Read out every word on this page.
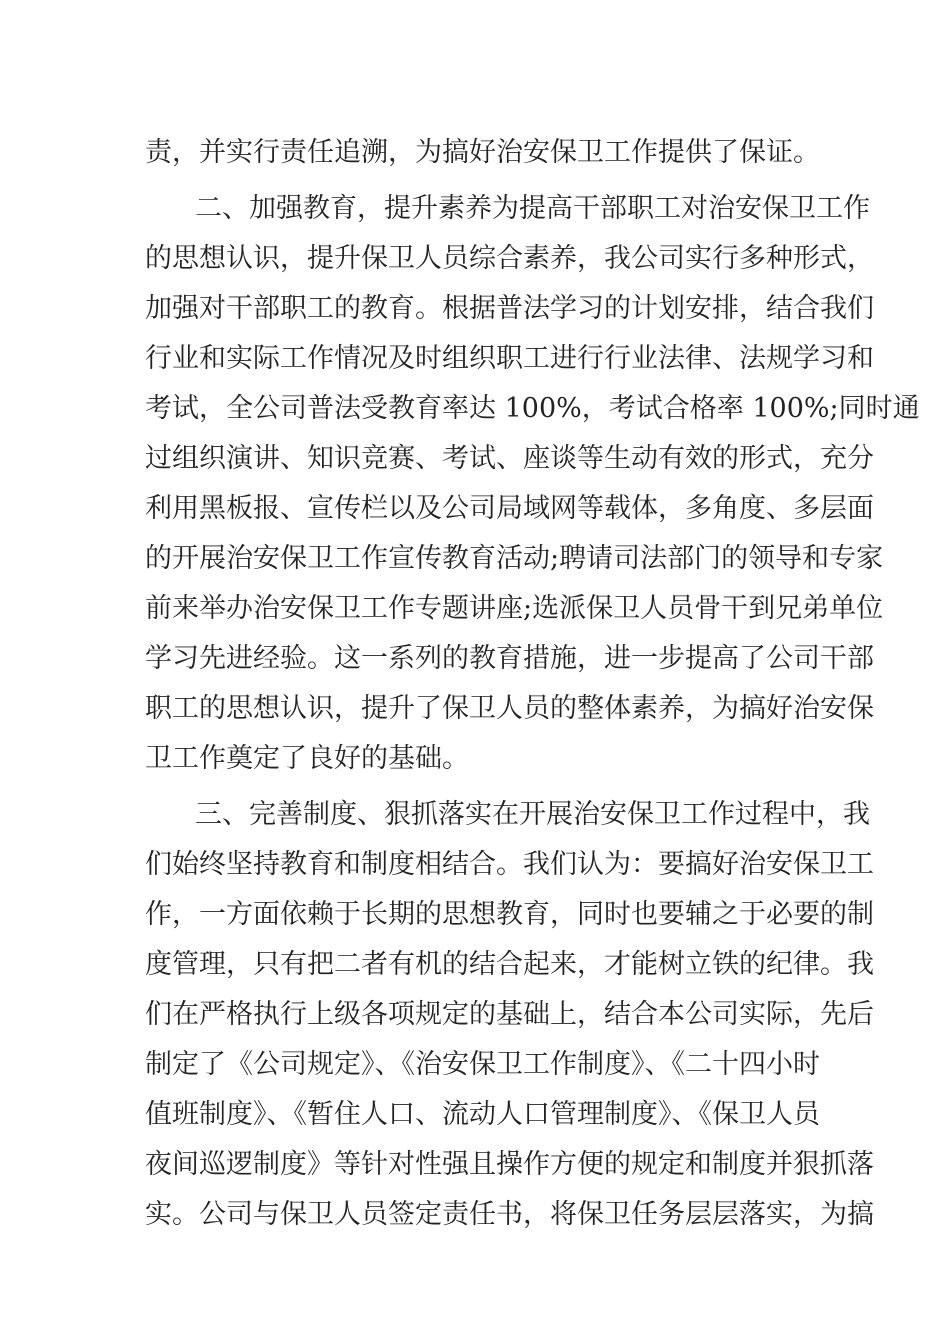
责，并实行责任追溯，为搞好治安保卫工作提供了保证。
二、加强教育，提升素养为提高干部职工对治安保卫工作
的思想认识，提升保卫人员综合素养，我公司实行多种形式，
加强对干部职工的教育。根据普法学习的计划安排，结合我们
行业和实际工作情况及时组织职工进行行业法律、法规学习和
考试，全公司普法受教育率达 100%，考试合格率 100%;同时通
过组织演讲、知识竞赛、考试、座谈等生动有效的形式，充分
利用黑板报、宣传栏以及公司局域网等载体，多角度、多层面
的开展治安保卫工作宣传教育活动;聘请司法部门的领导和专家
前来举办治安保卫工作专题讲座;选派保卫人员骨干到兄弟单位
学习先进经验。这一系列的教育措施，进一步提高了公司干部
职工的思想认识，提升了保卫人员的整体素养，为搞好治安保
卫工作奠定了良好的基础。
三、完善制度、狠抓落实在开展治安保卫工作过程中，我
们始终坚持教育和制度相结合。我们认为：要搞好治安保卫工
作，一方面依赖于长期的思想教育，同时也要辅之于必要的制
度管理，只有把二者有机的结合起来，才能树立铁的纪律。我
们在严格执行上级各项规定的基础上，结合本公司实际，先后
制定了《公司规定》、《治安保卫工作制度》、《二十四小时
值班制度》、《暂住人口、流动人口管理制度》、《保卫人员
夜间巡逻制度》等针对性强且操作方便的规定和制度并狠抓落
实。公司与保卫人员签定责任书，将保卫任务层层落实，为搞
